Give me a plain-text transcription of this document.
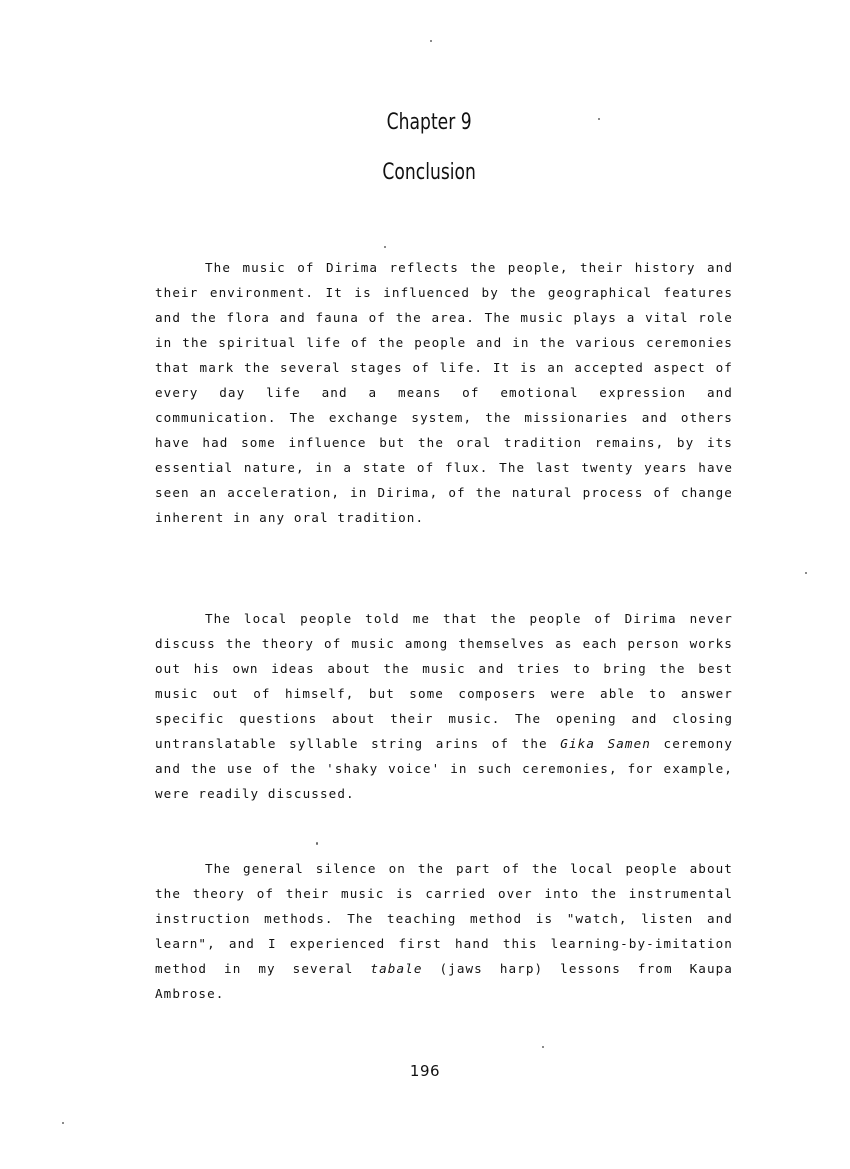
Chapter 9
Conclusion

The music of Dirima reflects the people, their history and their environment. It is influenced by the geographical features and the flora and fauna of the area. The music plays a vital role in the spiritual life of the people and in the various ceremonies that mark the several stages of life. It is an accepted aspect of every day life and a means of emotional expression and communication. The exchange system, the missionaries and others have had some influence but the oral tradition remains, by its essential nature, in a state of flux. The last twenty years have seen an acceleration, in Dirima, of the natural process of change inherent in any oral tradition.

The local people told me that the people of Dirima never discuss the theory of music among themselves as each person works out his own ideas about the music and tries to bring the best music out of himself, but some composers were able to answer specific questions about their music. The opening and closing untranslatable syllable string arins of the Gika Samen ceremony and the use of the 'shaky voice' in such ceremonies, for example, were readily discussed.

The general silence on the part of the local people about the theory of their music is carried over into the instrumental instruction methods. The teaching method is "watch, listen and learn", and I experienced first hand this learning-by-imitation method in my several tabale (jaws harp) lessons from Kaupa Ambrose.

196
